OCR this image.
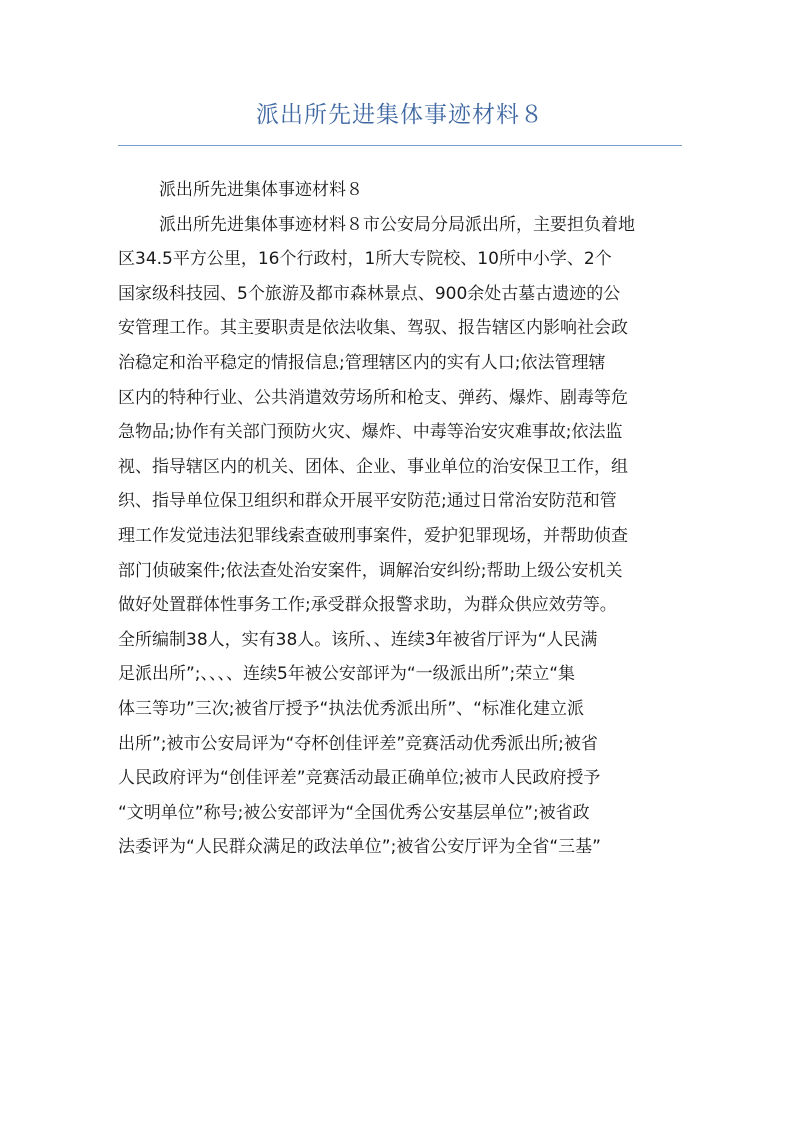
派出所先进集体事迹材料８
派出所先进集体事迹材料８
派出所先进集体事迹材料８市公安局分局派出所，主要担负着地
区34.5平方公里，16个行政村，1所大专院校、10所中小学、2个
国家级科技园、5个旅游及都市森林景点、900余处古墓古遗迹的公
安管理工作。其主要职责是依法收集、驾驭、报告辖区内影响社会政
治稳定和治平稳定的情报信息;管理辖区内的实有人口;依法管理辖
区内的特种行业、公共消遣效劳场所和枪支、弹药、爆炸、剧毒等危
急物品;协作有关部门预防火灾、爆炸、中毒等治安灾难事故;依法监
视、指导辖区内的机关、团体、企业、事业单位的治安保卫工作，组
织、指导单位保卫组织和群众开展平安防范;通过日常治安防范和管
理工作发觉违法犯罪线索查破刑事案件，爱护犯罪现场，并帮助侦查
部门侦破案件;依法查处治安案件，调解治安纠纷;帮助上级公安机关
做好处置群体性事务工作;承受群众报警求助，为群众供应效劳等。
全所编制38人，实有38人。该所、、连续3年被省厅评为“人民满
足派出所”;、、、、连续5年被公安部评为“一级派出所”;荣立“集
体三等功”三次;被省厅授予“执法优秀派出所”、“标准化建立派
出所”;被市公安局评为“夺杯创佳评差”竞赛活动优秀派出所;被省
人民政府评为“创佳评差”竞赛活动最正确单位;被市人民政府授予
“文明单位”称号;被公安部评为“全国优秀公安基层单位”;被省政
法委评为“人民群众满足的政法单位”;被省公安厅评为全省“三基”
